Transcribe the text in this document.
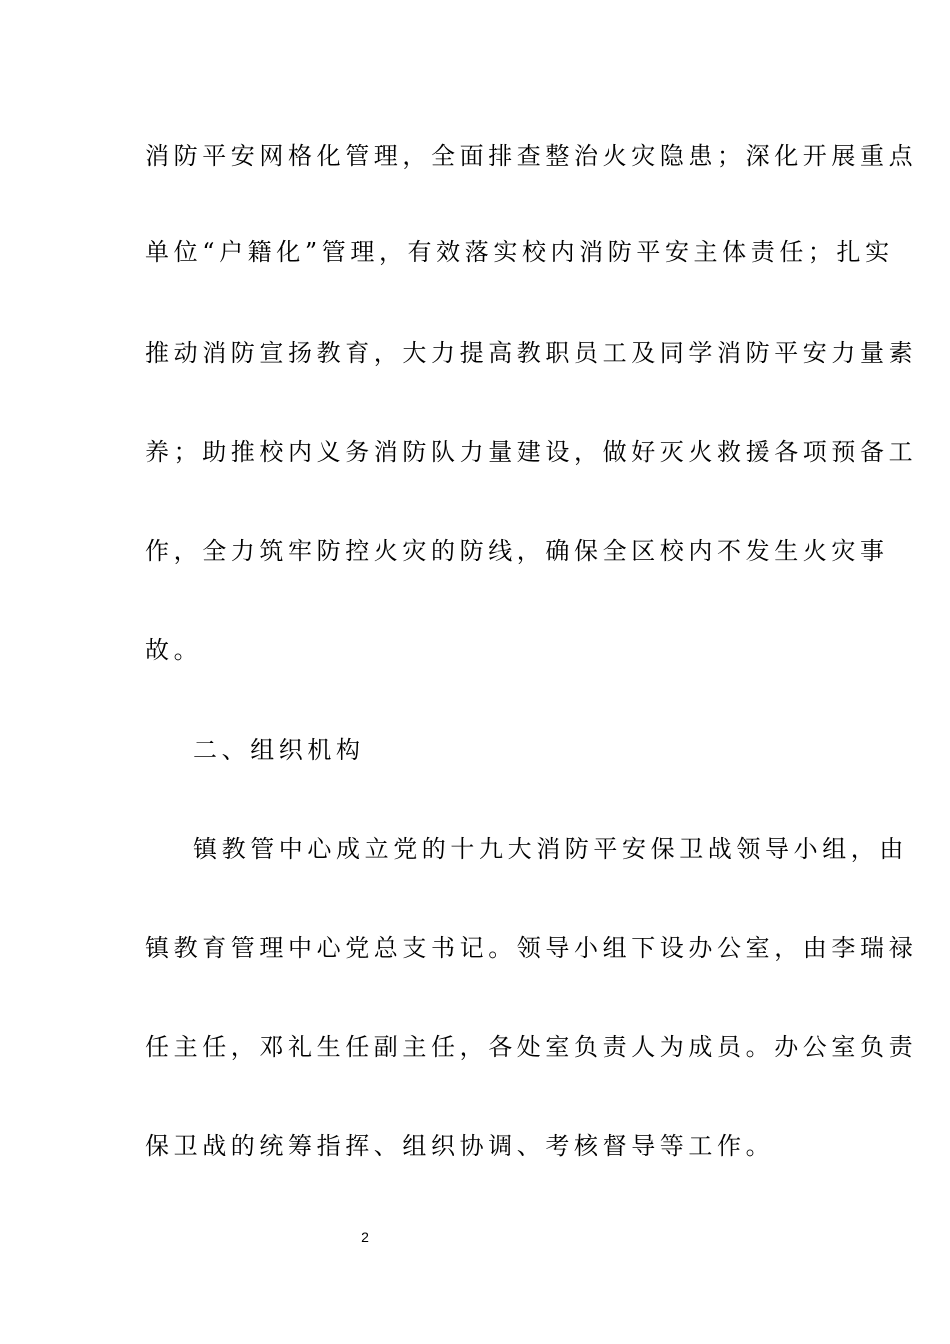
消防平安网格化管理，全面排查整治火灾隐患；深化开展重点
单位“户籍化”管理，有效落实校内消防平安主体责任；扎实
推动消防宣扬教育，大力提高教职员工及同学消防平安力量素
养；助推校内义务消防队力量建设，做好灭火救援各项预备工
作，全力筑牢防控火灾的防线，确保全区校内不发生火灾事
故。
二、组织机构
镇教管中心成立党的十九大消防平安保卫战领导小组，由
镇教育管理中心党总支书记。领导小组下设办公室，由李瑞禄
任主任，邓礼生任副主任，各处室负责人为成员。办公室负责
保卫战的统筹指挥、组织协调、考核督导等工作。
2
